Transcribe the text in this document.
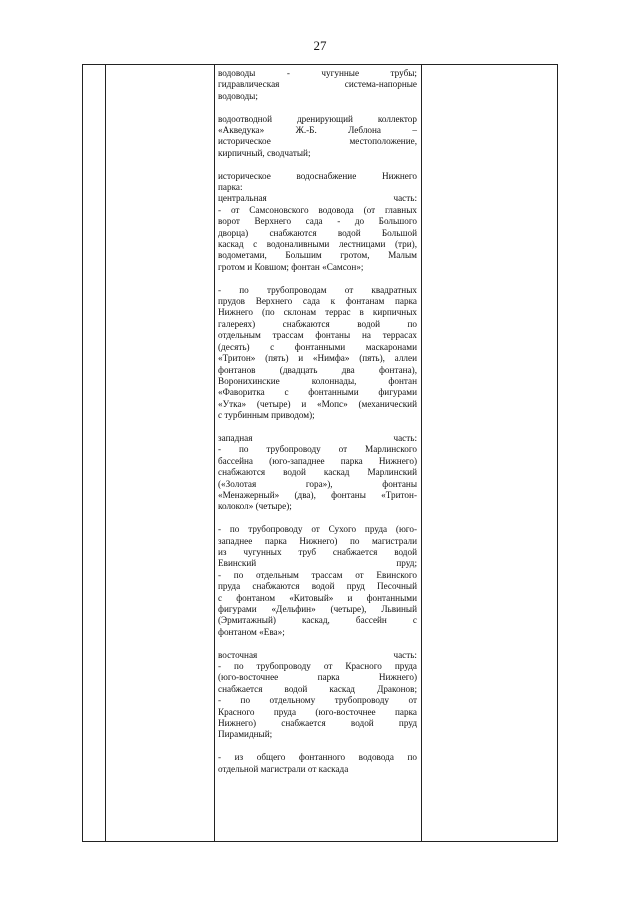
27
водоводы - чугунные трубы;
гидравлическая система-напорные
водоводы;
водоотводной дренирующий коллектор
«Акведука» Ж.-Б. Леблона –
историческое местоположение,
кирпичный, сводчатый;
историческое водоснабжение Нижнего
парка:
центральная часть:
- от Самсоновского водовода (от главных
ворот Верхнего сада - до Большого
дворца) снабжаются водой Большой
каскад с водоналивными лестницами (три),
водометами, Большим гротом, Малым
гротом и Ковшом; фонтан «Самсон»;
- по трубопроводам от квадратных
прудов Верхнего сада к фонтанам парка
Нижнего (по склонам террас в кирпичных
галереях) снабжаются водой по
отдельным трассам фонтаны на террасах
(десять) с фонтанными маскаронами
«Тритон» (пять) и «Нимфа» (пять), аллеи
фонтанов (двадцать два фонтана),
Воронихинские колоннады, фонтан
«Фаворитка с фонтанными фигурами
«Утка» (четыре) и «Мопс» (механический
с турбинным приводом);
западная часть:
- по трубопроводу от Марлинского
бассейна (юго-западнее парка Нижнего)
снабжаются водой каскад Марлинский
(«Золотая гора»), фонтаны
«Менажерный» (два), фонтаны «Тритон-
колокол» (четыре);
- по трубопроводу от Сухого пруда (юго-
западнее парка Нижнего) по магистрали
из чугунных труб снабжается водой
Евинский пруд;
- по отдельным трассам от Евинского
пруда снабжаются водой пруд Песочный
с фонтаном «Китовый» и фонтанными
фигурами «Дельфин» (четыре), Львиный
(Эрмитажный) каскад, бассейн с
фонтаном «Ева»;
восточная часть:
- по трубопроводу от Красного пруда
(юго-восточнее парка Нижнего)
снабжается водой каскад Драконов;
- по отдельному трубопроводу от
Красного пруда (юго-восточнее парка
Нижнего) снабжается водой пруд
Пирамидный;
- из общего фонтанного водовода по
отдельной магистрали от каскада
